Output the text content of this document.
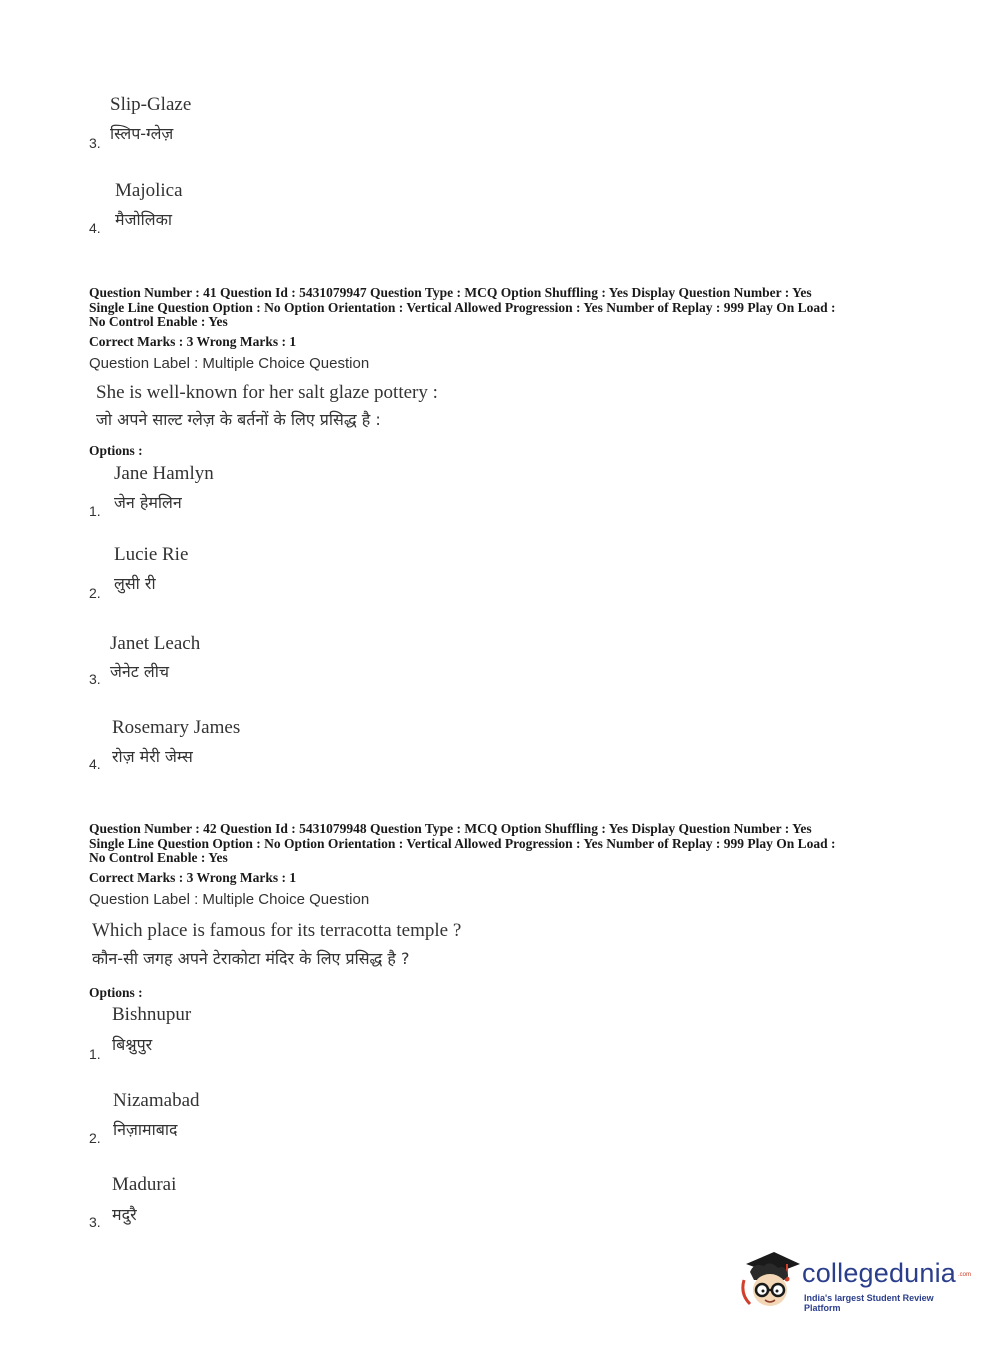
Slip-Glaze
स्लिप-ग्लेज़
3.
Majolica
मैजोलिका
4.
Question Number : 41 Question Id : 5431079947 Question Type : MCQ Option Shuffling : Yes Display Question Number : Yes
Single Line Question Option : No Option Orientation : Vertical Allowed Progression : Yes Number of Replay : 999 Play On Load :
No Control Enable : Yes
Correct Marks : 3 Wrong Marks : 1
Question Label : Multiple Choice Question
She is well-known for her salt glaze pottery :
जो अपने साल्ट ग्लेज़ के बर्तनों के लिए प्रसिद्ध है :
Options :
Jane Hamlyn
जेन हेमलिन
1.
Lucie Rie
लुसी री
2.
Janet Leach
जेनेट लीच
3.
Rosemary James
रोज़ मेरी जेम्स
4.
Question Number : 42 Question Id : 5431079948 Question Type : MCQ Option Shuffling : Yes Display Question Number : Yes
Single Line Question Option : No Option Orientation : Vertical Allowed Progression : Yes Number of Replay : 999 Play On Load :
No Control Enable : Yes
Correct Marks : 3 Wrong Marks : 1
Question Label : Multiple Choice Question
Which place is famous for its terracotta temple ?
कौन-सी जगह अपने टेराकोटा मंदिर के लिए प्रसिद्ध है ?
Options :
Bishnupur
बिश्नुपुर
1.
Nizamabad
निज़ामाबाद
2.
Madurai
मदुरै
3.
collegedunia .com
India's largest Student Review Platform
